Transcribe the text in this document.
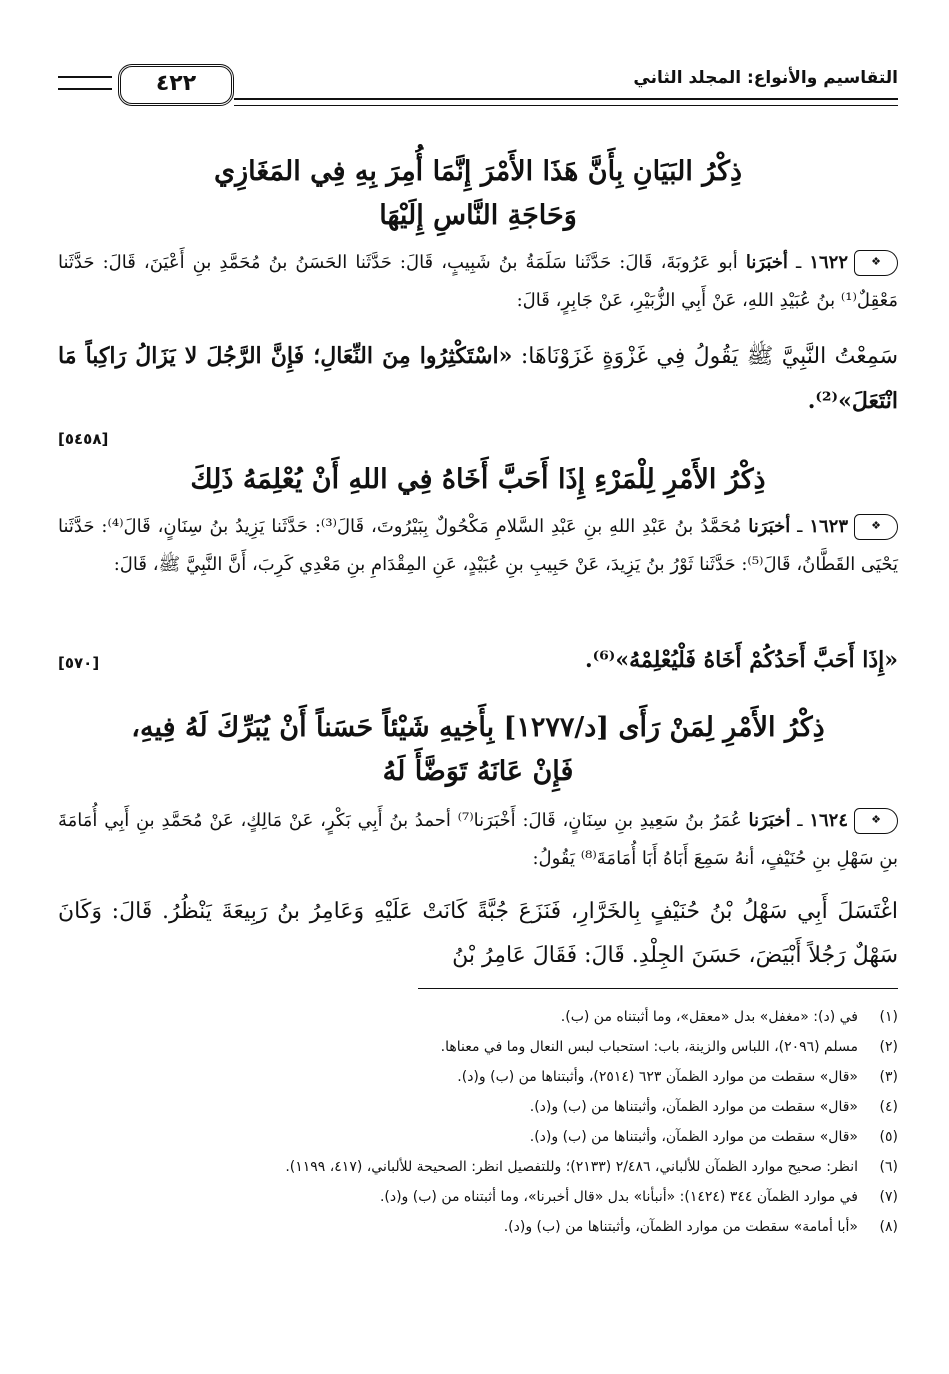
٤٢٢	التقاسيم والأنواع: المجلد الثاني
ذِكْرُ البَيَانِ بِأَنَّ هَذَا الأَمْرَ إِنَّمَا أُمِرَ بِهِ فِي المَغَازِي
وَحَاجَةِ النَّاسِ إِلَيْهَا
❖١٦٢٢ ـ أخبَرَنا أبو عَرُوبَةَ، قَالَ: حَدَّثَنا سَلَمَةُ بنُ شَبِيبٍ، قَالَ: حَدَّثَنا الحَسَنُ بنُ مُحَمَّدِ بنِ أَعْيَنَ، قَالَ: حَدَّثَنا مَعْقِلٌ⁽¹⁾ بنُ عُبَيْدِ اللهِ، عَنْ أَبِي الزُّبَيْرِ، عَنْ جَابِرٍ، قَالَ:
سَمِعْتُ النَّبِيَّ ﷺ يَقُولُ فِي غَزْوَةٍ غَزَوْنَاهَا: «اسْتَكْثِرُوا مِنَ النِّعَالِ؛ فَإِنَّ الرَّجُلَ لا يَزَالُ رَاكِباً مَا انْتَعَلَ»⁽²⁾.
[٥٤٥٨]
ذِكْرُ الأَمْرِ لِلْمَرْءِ إِذَا أَحَبَّ أَخَاهُ فِي اللهِ أَنْ يُعْلِمَهُ ذَلِكَ
❖١٦٢٣ ـ أخبَرَنا مُحَمَّدُ بنُ عَبْدِ اللهِ بنِ عَبْدِ السَّلامِ مَكْحُولٌ بِبَيْرُوتَ، قَالَ⁽³⁾: حَدَّثَنا يَزِيدُ بنُ سِنَانٍ، قَالَ⁽⁴⁾: حَدَّثَنا يَحْيَى القَطَّانُ، قَالَ⁽⁵⁾: حَدَّثَنا ثَوْرُ بنُ يَزِيدَ، عَنْ حَبِيبِ بنِ عُبَيْدٍ، عَنِ المِقْدَامِ بنِ مَعْدِي كَرِبَ، أَنَّ النَّبِيَّ ﷺ، قَالَ:
«إِذَا أَحَبَّ أَحَدُكُمْ أَخَاهُ فَلْيُعْلِمْهُ»⁽⁶⁾.
[٥٧٠]
ذِكْرُ الأَمْرِ لِمَنْ رَأَى [د/١٢٧٧] بِأَخِيهِ شَيْئاً حَسَناً أَنْ يُبَرِّكَ لَهُ فِيهِ،
فَإِنْ عَانَهُ تَوَضَّأَ لَهُ
❖١٦٢٤ ـ أخبَرَنا عُمَرُ بنُ سَعِيدِ بنِ سِنَانٍ، قَالَ: أَخْبَرَنا⁽⁷⁾ أحمدُ بنُ أَبِي بَكْرٍ، عَنْ مَالِكٍ، عَنْ مُحَمَّدِ بنِ أَبِي أُمَامَةَ بنِ سَهْلِ بنِ حُنَيْفٍ، أنهُ سَمِعَ أَبَاهُ أَبَا أُمَامَةَ⁽⁸⁾ يَقُولُ:
اغْتَسَلَ أَبِي سَهْلُ بْنُ حُنَيْفٍ بِالخَرَّارِ، فَنَزَعَ جُبَّةً كَانَتْ عَلَيْهِ وَعَامِرُ بنُ رَبِيعَةَ يَنْظُرُ. قَالَ: وَكَانَ سَهْلٌ رَجُلاً أَبْيَضَ، حَسَنَ الجِلْدِ. قَالَ: فَقَالَ عَامِرُ بْنُ
(١)
في (د): «مغفل» بدل «معقل»، وما أثبتناه من (ب).
(٢)
مسلم (٢٠٩٦)، اللباس والزينة، باب: استحباب لبس النعال وما في معناها.
(٣)
«قال» سقطت من موارد الظمآن ٦٢٣ (٢٥١٤)، وأثبتناها من (ب) و(د).
(٤)
«قال» سقطت من موارد الظمآن، وأثبتناها من (ب) و(د).
(٥)
«قال» سقطت من موارد الظمآن، وأثبتناها من (ب) و(د).
(٦)
انظر: صحيح موارد الظمآن للألباني، ٢/٤٨٦ (٢١٣٣)؛ وللتفصيل انظر: الصحيحة للألباني، (٤١٧، ١١٩٩).
(٧)
في موارد الظمآن ٣٤٤ (١٤٢٤): «أنبأنا» بدل «قال أخبرنا»، وما أثبتناه من (ب) و(د).
(٨)
«أبا أمامة» سقطت من موارد الظمآن، وأثبتناها من (ب) و(د).
